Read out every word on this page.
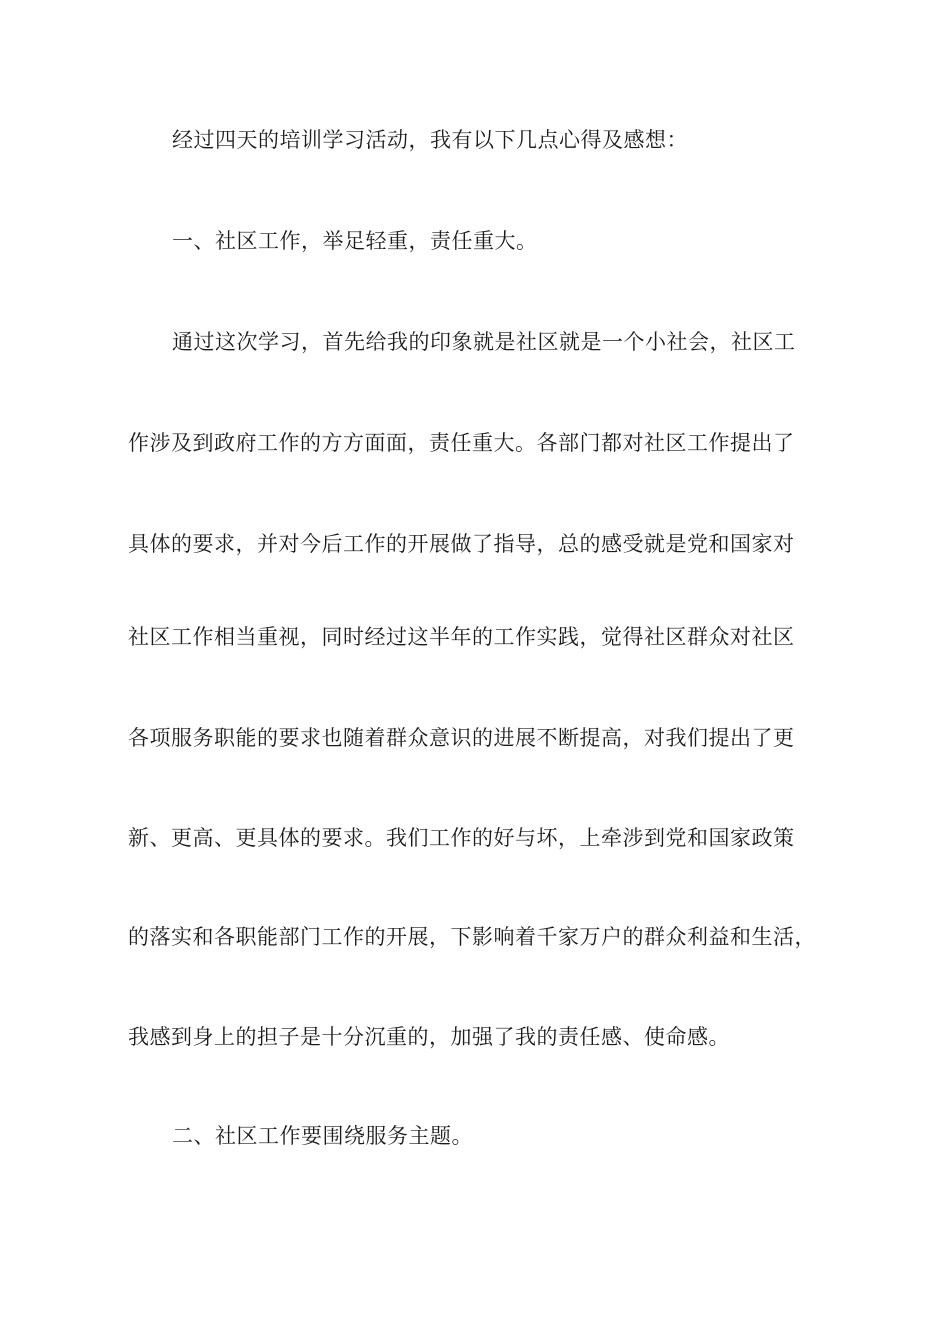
经过四天的培训学习活动，我有以下几点心得及感想：
一、社区工作，举足轻重，责任重大。
通过这次学习，首先给我的印象就是社区就是一个小社会，社区工
作涉及到政府工作的方方面面，责任重大。各部门都对社区工作提出了
具体的要求，并对今后工作的开展做了指导，总的感受就是党和国家对
社区工作相当重视，同时经过这半年的工作实践，觉得社区群众对社区
各项服务职能的要求也随着群众意识的进展不断提高，对我们提出了更
新、更高、更具体的要求。我们工作的好与坏，上牵涉到党和国家政策
的落实和各职能部门工作的开展，下影响着千家万户的群众利益和生活，
我感到身上的担子是十分沉重的，加强了我的责任感、使命感。
二、社区工作要围绕服务主题。
